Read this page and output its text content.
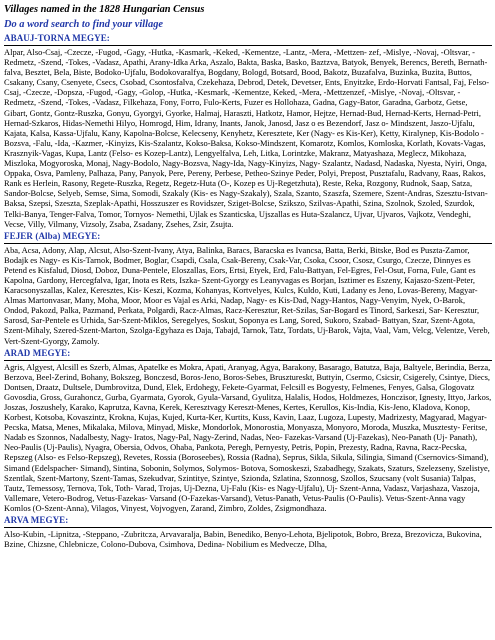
Villages named in the 1828 Hungarian Census
Do a word search to find your village
ABAUJ-TORNA MEGYE:

Alpar, Also-Csaj, -Czecze, -Fugod, -Gagy, -Hutka, -Kasmark, -Keked, -Kementze, -Lantz, -Mera, -Mettzen- zef, -Mislye, -Novaj, -Oltsvar, -Redmetz, -Szend, -Tokes, -Vadasz, Apathi, Arany-Idka Arka, Aszalo, Bakta, Baska, Basko, Baztzva, Batyok, Benyek, Berencs, Bereth, Bernath- falva, Besztet, Bela, Biste, Bodoko-Ujfalu, Bodokovaralfya, Bogdany, Bologd, Botsard, Bood, Bakotz, Buzafalva, Buzinka, Buzita, Buttos, Csakany, Csany, Csenyete, Csecs, Csobad, Csontosfalva, Czekehaza, Debrod, Detek, Devetser, Ents, Enyitzke, Erdo-Horvati Fantsal, Faj, Felso-Csaj, -Czecze, -Dopsza, -Fugod, -Gagy, -Golop, -Hutka, -Kesmark, -Kementze, Keked, -Mera, -Mettzenzef, -Mislye, -Novaj, -Oltsvar, -Redmetz, -Szend, -Tokes, -Vadasz, Filkehaza, Fony, Forro, Fulo-Kerts, Fuzer es Hollohaza, Gadna, Gagy-Bator, Garadna, Garbotz, Getse, Gibart, Gontz, Gontz-Ruszka, Gonyu, Gyorgyi, Gyorke, Halmaj, Haraszti, Hatkotz, Hamor, Hejtze, Hernad-Bud, Hernad-Kerts, Hernad-Petri, Hernad-Szkaros, Hidas-Nemethi Hilyo, Homrogd, Him, Idrany, Inants, Janok, Janosd, Jasz o es Bezendorf, Jasz o- Mindszent, Jaszo-Ujfalu, Kajata, Kalsa, Kassa-Ujfalu, Kany, Kapolna-Bolcse, Kelecseny, Kenyhetz, Keresztete, Ker (Nagy- es Kis-Ker), Ketty, Kiralynep, Kis-Bodolo -Bozsva, -Falu, -Ida, -Kazmer, -Kinyizs, Kis-Szalantz, Kokso-Baksa, Kokso-Mindszent, Komarotz, Komlos, Komloska, Korlath, Kovats-Vagas, Krasznyik-Vagas, Kupa, Lantz (Felso- es Kozep-Lantz), Lengyelfalva, Leh, Litka, Lorintzke, Makranz, Matyashaza, Meglecz, Mikohaza, Miszloka, Mogyoroska, Monaj, Nagy-Bodolo, Nagy-Bozsva, Nagy-Ida, Nagy-Kinyizs, Nagy- Szalantz, Nadasd, Nadaska, Nyesta, Nyiri, Onga, Oppaka, Osva, Pamleny, Palhaza, Pany, Panyok, Pere, Pereny, Perbese, Petheo-Szinye Peder, Polyi, Prepost, Pusztafalu, Radvany, Raas, Rakos, Rank es Herlein, Rasony, Regete-Ruszka, Regetz, Regetz-Huta (O-, Kozep es Uj-Regetzhuta), Reste, Reka, Rozgony, Rudnok, Saap, Satza, Sandor-Bolcse, Selyeb, Semse, Sima, Somodi, Szakaly (Kis- es Nagy-Szakaly), Szala, Szanto, Szaszfa, Szemere, Szent-Andras, Szesztu-Istvan-Baksa, Szepsi, Szeszta, Szeplak-Apathi, Hosszuszer es Rovidszer, Sziget-Bolcse, Szikszo, Szilvas-Apathi, Szina, Szolnok, Szoled, Szurdok, Telki-Banya, Tenger-Falva, Tomor, Tornyos- Nemethi, Ujlak es Szanticska, Ujszallas es Huta-Szalancz, Ujvar, Ujvaros, Vajkotz, Vendeghi, Vecse, Villy, Vilmany, Vizsoly, Zsaba, Zsadany, Zsehes, Zsir, Zsujta.

FEJER (Alba) MEGYE:

Aba, Acsa, Adony, Alap, Alcsut, Also-Szent-Ivany, Atya, Balinka, Baracs, Baracska es Ivancsa, Batta, Berki, Bitske, Bod es Puszta-Zamor, Bodajk es Nagy- es Kis-Tarnok, Bodmer, Boglar, Csapdi, Csala, Csak-Bereny, Csak-Var, Csoka, Csoor, Csosz, Csurgo, Czecze, Dinnyes es Petend es Kisfalud, Diosd, Doboz, Duna-Pentele, Eloszallas, Eors, Ertsi, Etyek, Erd, Falu-Battyan, Fel-Egres, Fel-Osut, Forna, Fule, Gant es Kapolna, Gardony, Hercegfalva, Igar, Inota es Rets, Iszka- Szent-Gyorgy es Leanyvagas es Borjan, Isztimer es Eszeny, Kajaszo-Szent-Peter, Karacsonyszallas, Kalez, Keresztes, Kis- Keszi, Kozma, Kohanyas, Kortvelyes, Kulcs, Kuldo, Kuti, Ladany es Jeno, Lovas-Bereny, Magyar-Almas Martonvasar, Many, Moha, Moor, Moor es Vajal es Arki, Nadap, Nagy- es Kis-Dad, Nagy-Hantos, Nagy-Venyim, Nyek, O-Barok, Ondod, Pakozd, Palka, Pazmand, Perkata, Polgardi, Racz-Almas, Racz-Keresztur, Ret-Szilas, Sar-Bogard es Tinord, Sarkeszi, Sar- Keresztur, Sarosd, Sar-Pentele es Urhida, Sar-Szent-Miklos, Seregelyes, Soskut, Soponya es Lang, Sored, Sukoro, Szabad- Battyan, Szar, Szent-Agota, Szent-Mihaly, Szered-Szent-Marton, Szolga-Egyhaza es Daja, Tabajd, Tarnok, Tatz, Tordats, Uj-Barok, Vajta, Vaal, Vam, Velcg, Velentze, Vereb, Vert-Szent-Gyorgy, Zamoly.

ARAD MEGYE:

Agris, Algyest, Alcsill es Szerb, Almas, Apatelke es Mokra, Apati, Aranyag, Agya, Barakony, Basarago, Batutza, Baja, Baltyele, Berindia, Berza, Berzova, Beel-Zerind, Bohany, Bokszeg, Bonczesd, Boros-Jeno, Boros-Sebes, Brusztureskt, Buttyin, Csermo, Csicsir, Csigerely, Csintye, Diecs, Dontsen, Draatz, Dultsele, Dumbrovitza, Dund, Elek, Erdohegy, Fekete-Gyarmat, Felcsill es Bogyesty, Felmenes, Fenyes, Galsa, Glogovatz Govosdia, Gross, Gurahoncz, Gurba, Gyarmata, Gyorok, Gyula-Varsand, Gyulitza, Halalis, Hodos, Holdmezes, Honczisor, Ignesty, Ittyo, Jarkos, Joszas, Joszushely, Karako, Kaprutza, Kavna, Kerek, Keresztvagy Kereszt-Menes, Kertes, Kerullos, Kis-India, Kis-Jeno, Kladova, Konop, Korbest, Kotsoba, Kovaszintz, Krokna, Kujas, Kujed, Kurta-Ker, Kurtits, Kuss, Kavin, Laaz, Lugoza, Lupesty, Madrizesty, Magyarad, Magyar-Pecska, Matsa, Menes, Mikalaka, Milova, Minyad, Miske, Mondorlok, Monorostia, Monyasza, Monyoro, Moroda, Muszka, Musztesty- Feritse, Nadab es Szonnos, Nadalbesty, Nagy- Iratos, Nagy-Pal, Nagy-Zerind, Nadas, Neo- Fazekas-Varsand (Uj-Fazekas), Neo-Panath (Uj- Panath), Neo-Paulis (Uj-Paulis), Nyagra, Obersia, Odvos, Ohaba, Pankota, Peregh, Pernyesty, Petris, Popin, Prezesty, Radna, Ravna, Racz-Pecska, Repszeg (Also- es Felso-Repszeg), Revetes, Rossia (Boroseebes), Rossia (Radna), Seprus, Sikla, Sikula, Silingia, Simand (Csernovics-Simand), Simand (Edelspacher- Simand), Sintina, Sobonin, Solymos, Solymos- Botova, Somoskeszi, Szabadhegy, Szakats, Szaturs, Szelezseny, Szelistye, Szentlak, Szent-Martony, Szent-Tamas, Szekudvar, Szintitye, Szintye, Szionda, Szlatina, Szonnosg, Szollos, Szucsany (volt Susania) Talpas, Tautz, Temessosy, Ternova, Tok, Toth- Varad, Trojas, Uj-Dezna, Uj-Falu (Kis- es Nagy-Ujfalu), Uj- Szent-Anna, Vadasz, Varjashaza, Vaszoja, Vallemare, Vetero-Bodrog, Vetus-Fazekas- Varsand (O-Fazekas-Varsand), Vetus-Panath, Vetus-Paulis (O-Paulis). Vetus-Szent-Anna vagy Komlos (O-Szent-Anna), Vilagos, Vinyest, Vojvogyen, Zarand, Zimbro, Zoldes, Zsigmondhaza.

ARVA MEGYE:

Also-Kubin, -Lipnitza, -Steppano, -Zubritcza, Arvavaralja, Babin, Benediko, Benyo-Lehota, Bjelipotok, Bobro, Breza, Brezovicza, Bukovina, Bzine, Chizsne, Chlebnicze, Colono-Dubova, Csimhova, Dedina- Nobilium es Medvecze, Dlha,
